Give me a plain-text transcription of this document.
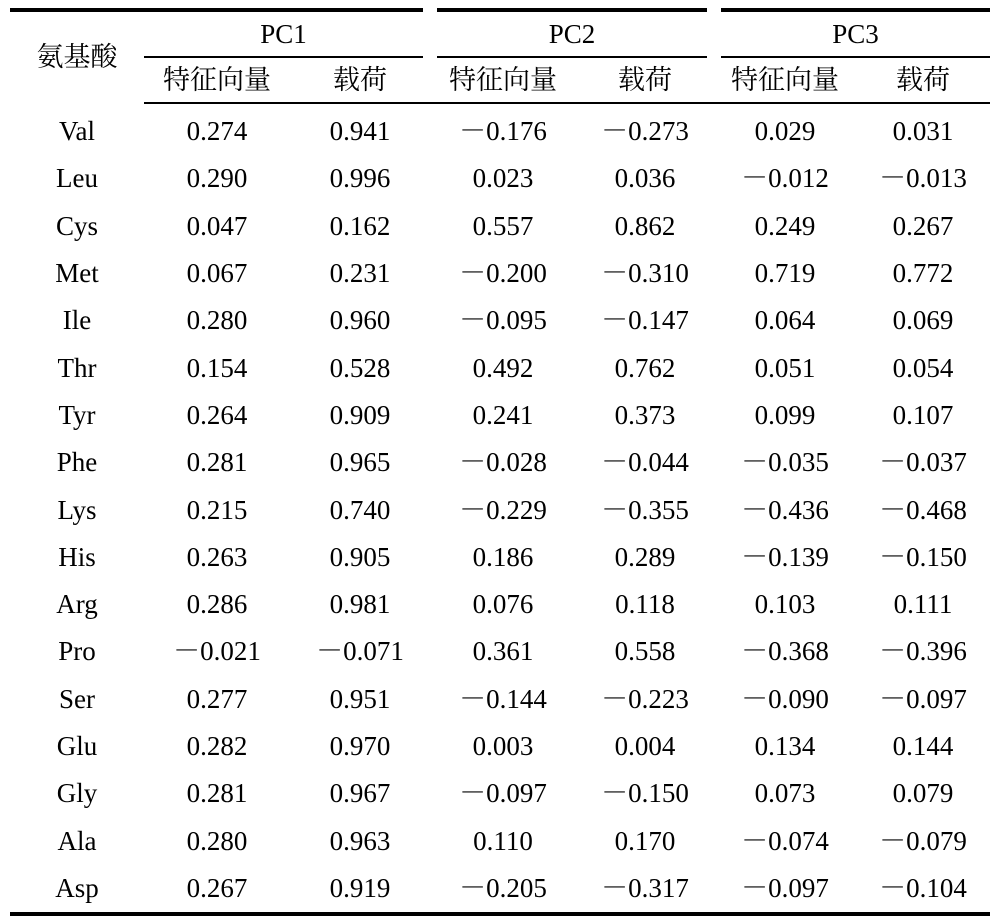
氨基酸	PC1		PC2		PC3	
	特征向量	载荷	特征向量	载荷	特征向量	载荷
Val	0.274	0.941	－0.176	－0.273	0.029	0.031
Leu	0.290	0.996	0.023	0.036	－0.012	－0.013
Cys	0.047	0.162	0.557	0.862	0.249	0.267
Met	0.067	0.231	－0.200	－0.310	0.719	0.772
Ile	0.280	0.960	－0.095	－0.147	0.064	0.069
Thr	0.154	0.528	0.492	0.762	0.051	0.054
Tyr	0.264	0.909	0.241	0.373	0.099	0.107
Phe	0.281	0.965	－0.028	－0.044	－0.035	－0.037
Lys	0.215	0.740	－0.229	－0.355	－0.436	－0.468
His	0.263	0.905	0.186	0.289	－0.139	－0.150
Arg	0.286	0.981	0.076	0.118	0.103	0.111
Pro	－0.021	－0.071	0.361	0.558	－0.368	－0.396
Ser	0.277	0.951	－0.144	－0.223	－0.090	－0.097
Glu	0.282	0.970	0.003	0.004	0.134	0.144
Gly	0.281	0.967	－0.097	－0.150	0.073	0.079
Ala	0.280	0.963	0.110	0.170	－0.074	－0.079
Asp	0.267	0.919	－0.205	－0.317	－0.097	－0.104
